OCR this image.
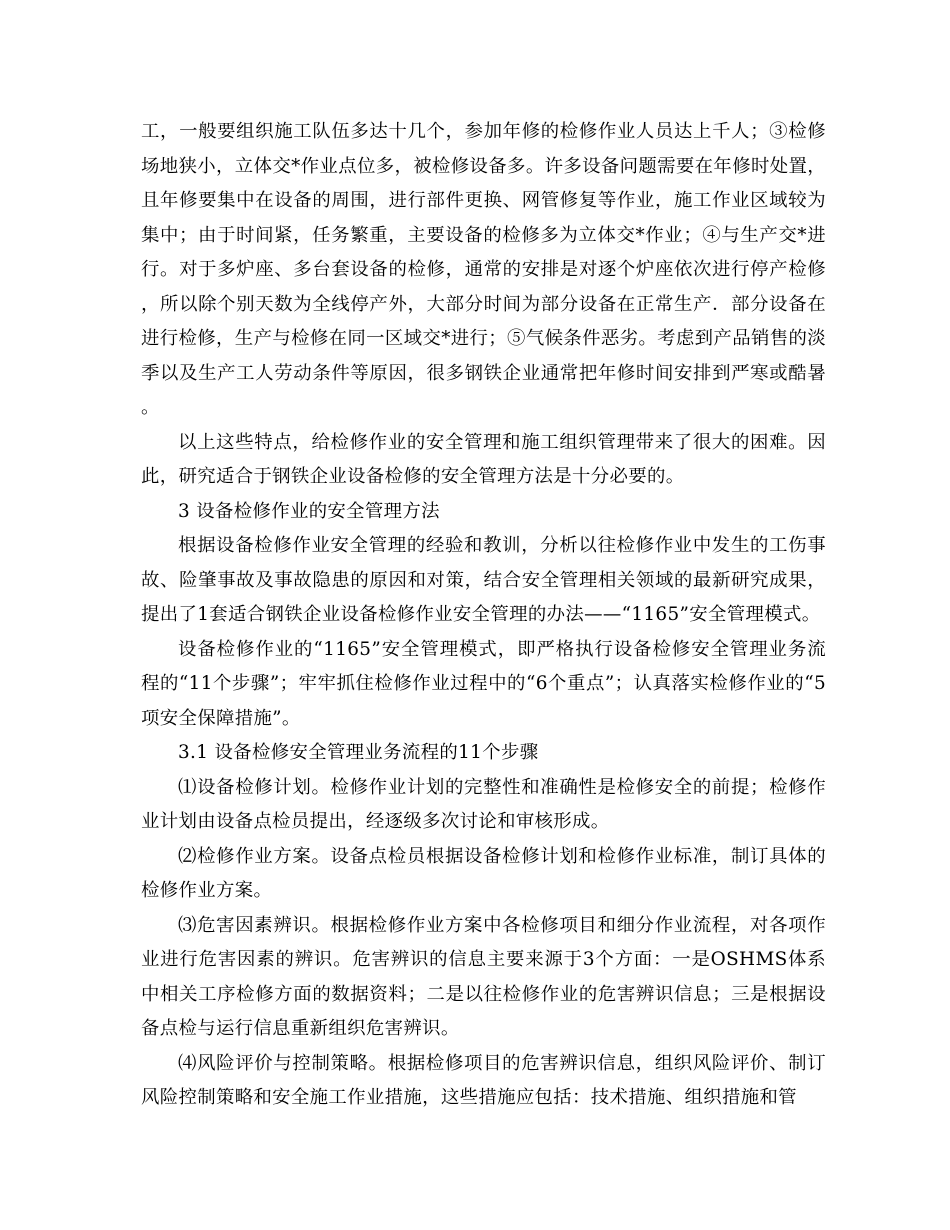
工，一般要组织施工队伍多达十几个，参加年修的检修作业人员达上千人；③检修场地狭小，立体交*作业点位多，被检修设备多。许多设备问题需要在年修时处置，且年修要集中在设备的周围，进行部件更换、网管修复等作业，施工作业区域较为集中；由于时间紧，任务繁重，主要设备的检修多为立体交*作业；④与生产交*进行。对于多炉座、多台套设备的检修，通常的安排是对逐个炉座依次进行停产检修，所以除个别天数为全线停产外，大部分时间为部分设备在正常生产．部分设备在进行检修，生产与检修在同一区域交*进行；⑤气候条件恶劣。考虑到产品销售的淡季以及生产工人劳动条件等原因，很多钢铁企业通常把年修时间安排到严寒或酷暑。

以上这些特点，给检修作业的安全管理和施工组织管理带来了很大的困难。因此，研究适合于钢铁企业设备检修的安全管理方法是十分必要的。

3 设备检修作业的安全管理方法

根据设备检修作业安全管理的经验和教训，分析以往检修作业中发生的工伤事故、险肇事故及事故隐患的原因和对策，结合安全管理相关领域的最新研究成果，提出了1套适合钢铁企业设备检修作业安全管理的办法——“1165”安全管理模式。

设备检修作业的“1165”安全管理模式，即严格执行设备检修安全管理业务流程的“11个步骤”；牢牢抓住检修作业过程中的“6个重点”；认真落实检修作业的“5项安全保障措施”。

3.1 设备检修安全管理业务流程的11个步骤

⑴设备检修计划。检修作业计划的完整性和准确性是检修安全的前提；检修作业计划由设备点检员提出，经逐级多次讨论和审核形成。

⑵检修作业方案。设备点检员根据设备检修计划和检修作业标准，制订具体的检修作业方案。

⑶危害因素辨识。根据检修作业方案中各检修项目和细分作业流程，对各项作业进行危害因素的辨识。危害辨识的信息主要来源于3个方面：一是OSHMS体系中相关工序检修方面的数据资料；二是以往检修作业的危害辨识信息；三是根据设备点检与运行信息重新组织危害辨识。

⑷风险评价与控制策略。根据检修项目的危害辨识信息，组织风险评价、制订风险控制策略和安全施工作业措施，这些措施应包括：技术措施、组织措施和管
